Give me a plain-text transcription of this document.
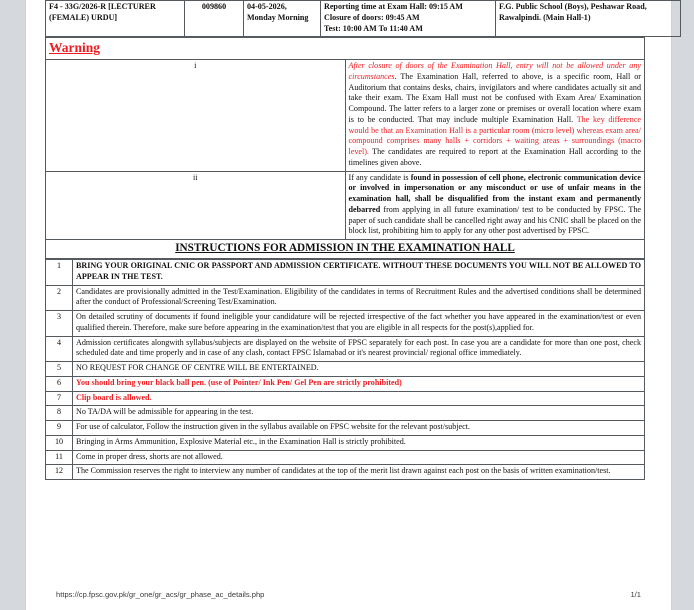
F4 - 33G/2026-R [LECTURER (FEMALE) URDU]	009860	04-05-2026, Monday Morning	
Reporting time at Exam Hall: 09:15 AM
Closure of doors: 09:45 AM
Test: 10:00 AM To 11:40 AM
	F.G. Public School (Boys), Peshawar Road, Rawalpindi. (Main Hall-1)
Warning	
i	After closure of doors of the Examination Hall, entry will not be allowed under any circumstances. The Examination Hall, referred to above, is a specific room, Hall or Auditorium that contains desks, chairs, invigilators and where candidates actually sit and take their exam. The Exam Hall must not be confused with Exam Area/ Examination Compound. The latter refers to a larger zone or premises or overall location where exam is to be conducted. That may include multiple Examination Hall. The key difference would be that an Examination Hall is a particular room (micro level) whereas exam area/ compound comprises many halls + corridors + waiting areas + surroundings (macro level). The candidates are required to report at the Examination Hall according to the timelines given above.
ii	If any candidate is found in possession of cell phone, electronic communication device or involved in impersonation or any misconduct or use of unfair means in the examination hall, shall be disqualified from the instant exam and permanently debarred from applying in all future examination/ test to be conducted by FPSC. The paper of such candidate shall be cancelled right away and his CNIC shall be placed on the block list, prohibiting him to apply for any other post advertised by FPSC.
INSTRUCTIONS FOR ADMISSION IN THE EXAMINATION HALL	
1	BRING YOUR ORIGINAL CNIC OR PASSPORT AND ADMISSION CERTIFICATE. WITHOUT THESE DOCUMENTS YOU WILL NOT BE ALLOWED TO APPEAR IN THE TEST.
2	Candidates are provisionally admitted in the Test/Examination. Eligibility of the candidates in terms of Recruitment Rules and the advertised conditions shall be determined after the conduct of Professional/Screening Test/Examination.
3	On detailed scrutiny of documents if found ineligible your candidature will be rejected irrespective of the fact whether you have appeared in the examination/test or even qualified therein. Therefore, make sure before appearing in the examination/test that you are eligible in all respects for the post(s),applied for.
4	Admission certificates alongwith syllabus/subjects are displayed on the website of FPSC separately for each post. In case you are a candidate for more than one post, check scheduled date and time properly and in case of any clash, contact FPSC Islamabad or it's nearest provincial/ regional office immediately.
5	NO REQUEST FOR CHANGE OF CENTRE WILL BE ENTERTAINED.
6	You should bring your black ball pen. (use of Pointer/ Ink Pen/ Gel Pen are strictly prohibited)
7	Clip board is allowed.
8	No TA/DA will be admissible for appearing in the test.
9	For use of calculator, Follow the instruction given in the syllabus available on FPSC website for the relevant post/subject.
10	Bringing in Arms Ammunition, Explosive Material etc., in the Examination Hall is strictly prohibited.
11	Come in proper dress, shorts are not allowed.
12	The Commission reserves the right to interview any number of candidates at the top of the merit list drawn against each post on the basis of written examination/test.
https://cp.fpsc.gov.pk/gr_one/gr_acs/gr_phase_ac_details.php	1/1
